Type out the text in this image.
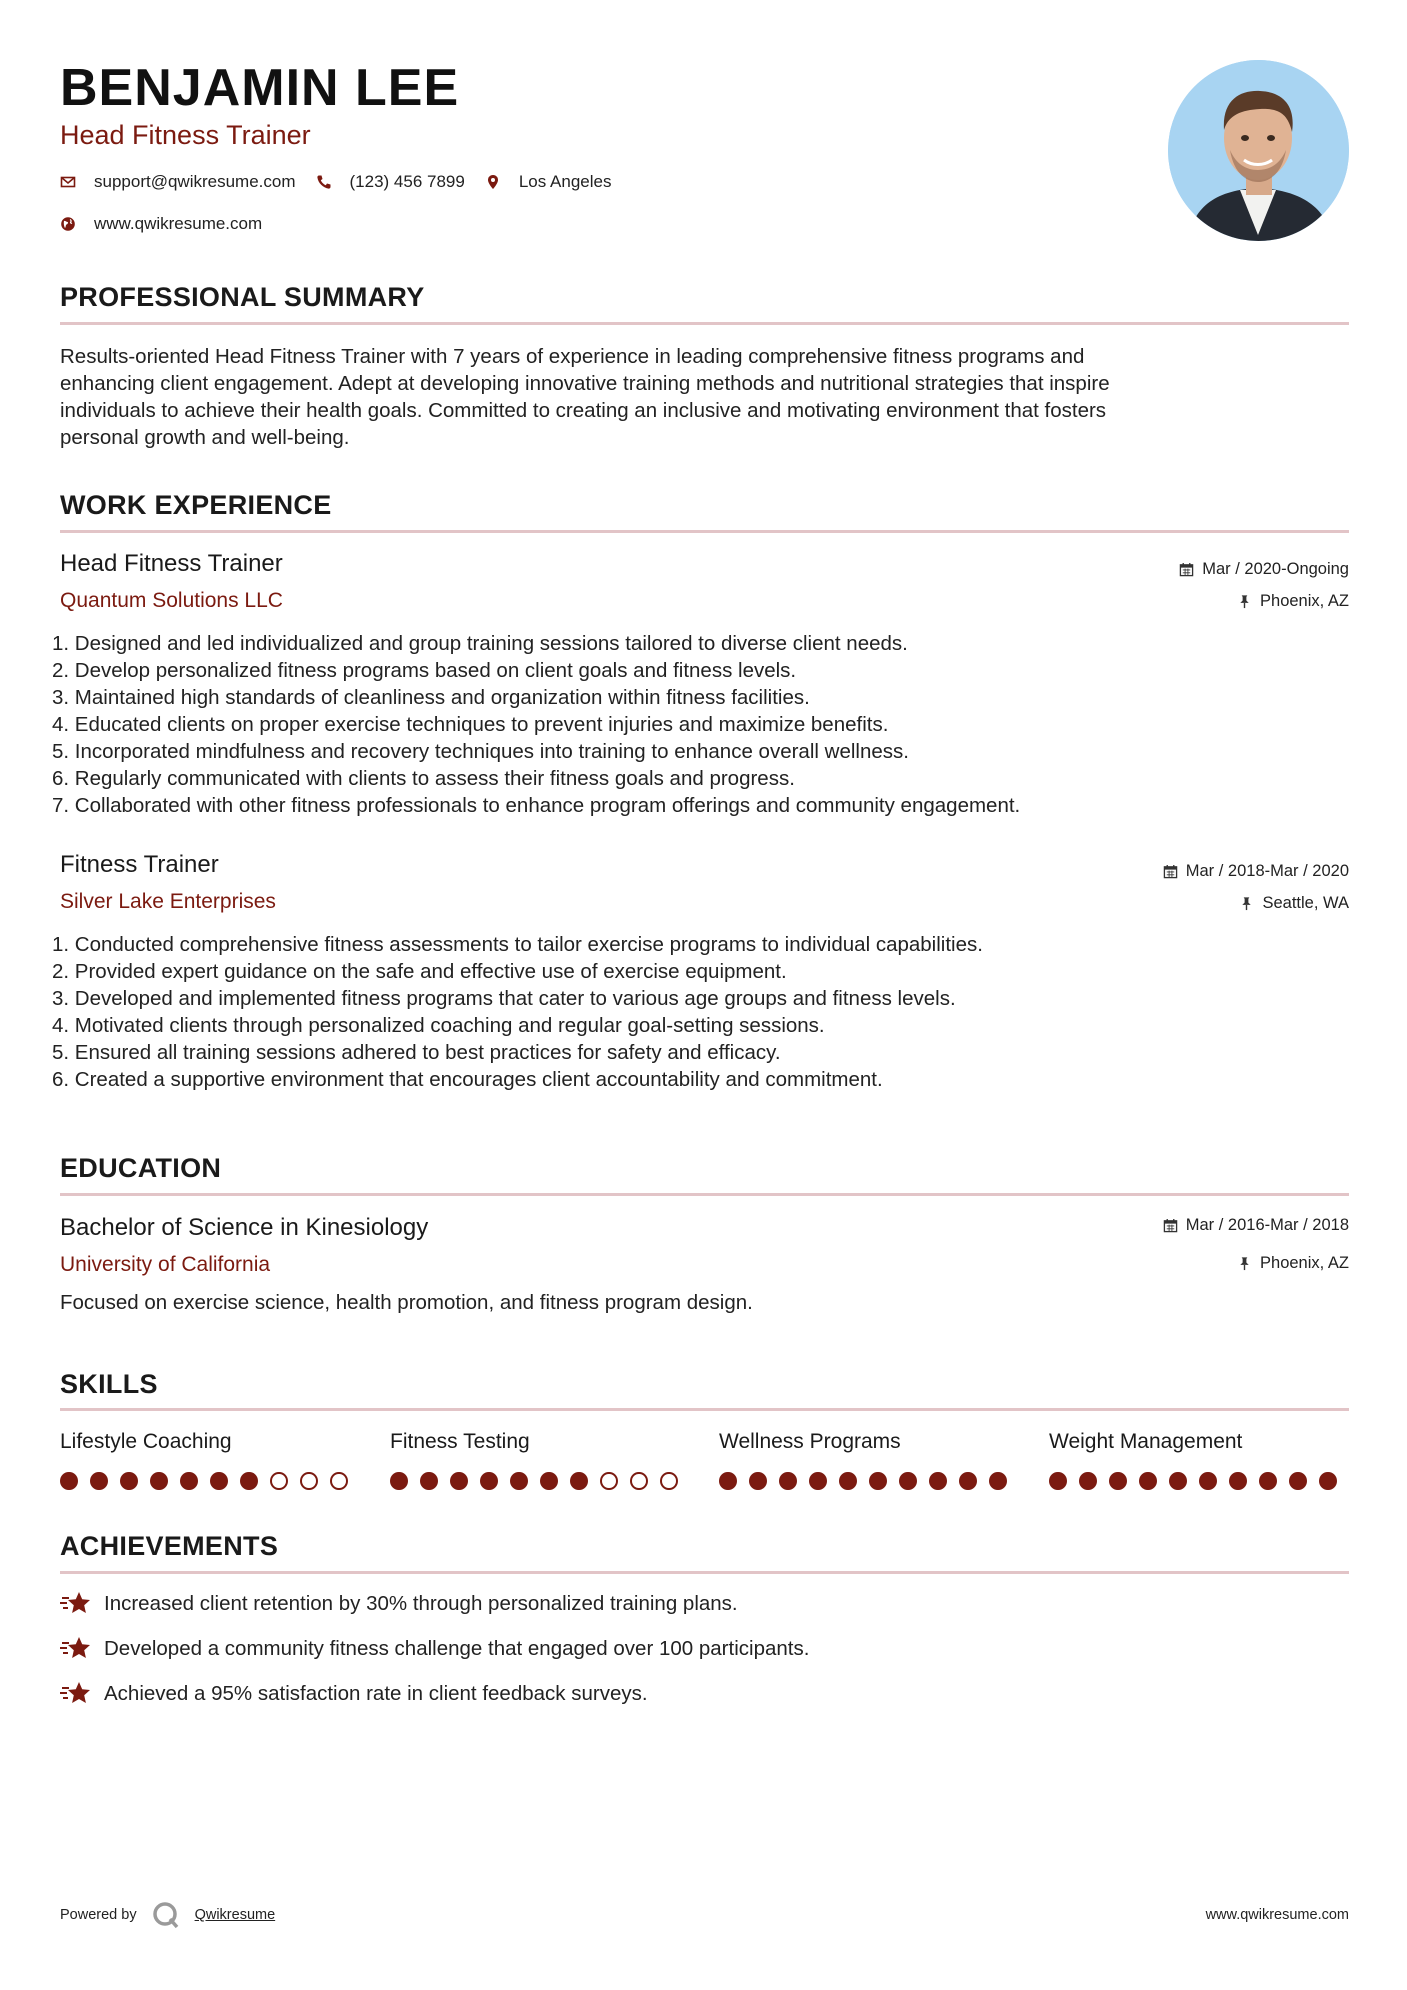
BENJAMIN LEE
Head Fitness Trainer
support@qwikresume.com	(123) 456 7899	Los Angeles
www.qwikresume.com
PROFESSIONAL SUMMARY
Results-oriented Head Fitness Trainer with 7 years of experience in leading comprehensive fitness programs and
enhancing client engagement. Adept at developing innovative training methods and nutritional strategies that inspire
individuals to achieve their health goals. Committed to creating an inclusive and motivating environment that fosters
personal growth and well-being.
WORK EXPERIENCE
Head Fitness Trainer
Quantum Solutions LLC
Mar / 2020-Ongoing
Phoenix, AZ
1. Designed and led individualized and group training sessions tailored to diverse client needs.
2. Develop personalized fitness programs based on client goals and fitness levels.
3. Maintained high standards of cleanliness and organization within fitness facilities.
4. Educated clients on proper exercise techniques to prevent injuries and maximize benefits.
5. Incorporated mindfulness and recovery techniques into training to enhance overall wellness.
6. Regularly communicated with clients to assess their fitness goals and progress.
7. Collaborated with other fitness professionals to enhance program offerings and community engagement.
Fitness Trainer
Silver Lake Enterprises
Mar / 2018-Mar / 2020
Seattle, WA
1. Conducted comprehensive fitness assessments to tailor exercise programs to individual capabilities.
2. Provided expert guidance on the safe and effective use of exercise equipment.
3. Developed and implemented fitness programs that cater to various age groups and fitness levels.
4. Motivated clients through personalized coaching and regular goal-setting sessions.
5. Ensured all training sessions adhered to best practices for safety and efficacy.
6. Created a supportive environment that encourages client accountability and commitment.
EDUCATION
Bachelor of Science in Kinesiology
University of California
Mar / 2016-Mar / 2018
Phoenix, AZ
Focused on exercise science, health promotion, and fitness program design.
SKILLS
Lifestyle Coaching	Fitness Testing	Wellness Programs	Weight Management
ACHIEVEMENTS
Increased client retention by 30% through personalized training plans.
Developed a community fitness challenge that engaged over 100 participants.
Achieved a 95% satisfaction rate in client feedback surveys.
Powered by	Qwikresume	www.qwikresume.com
